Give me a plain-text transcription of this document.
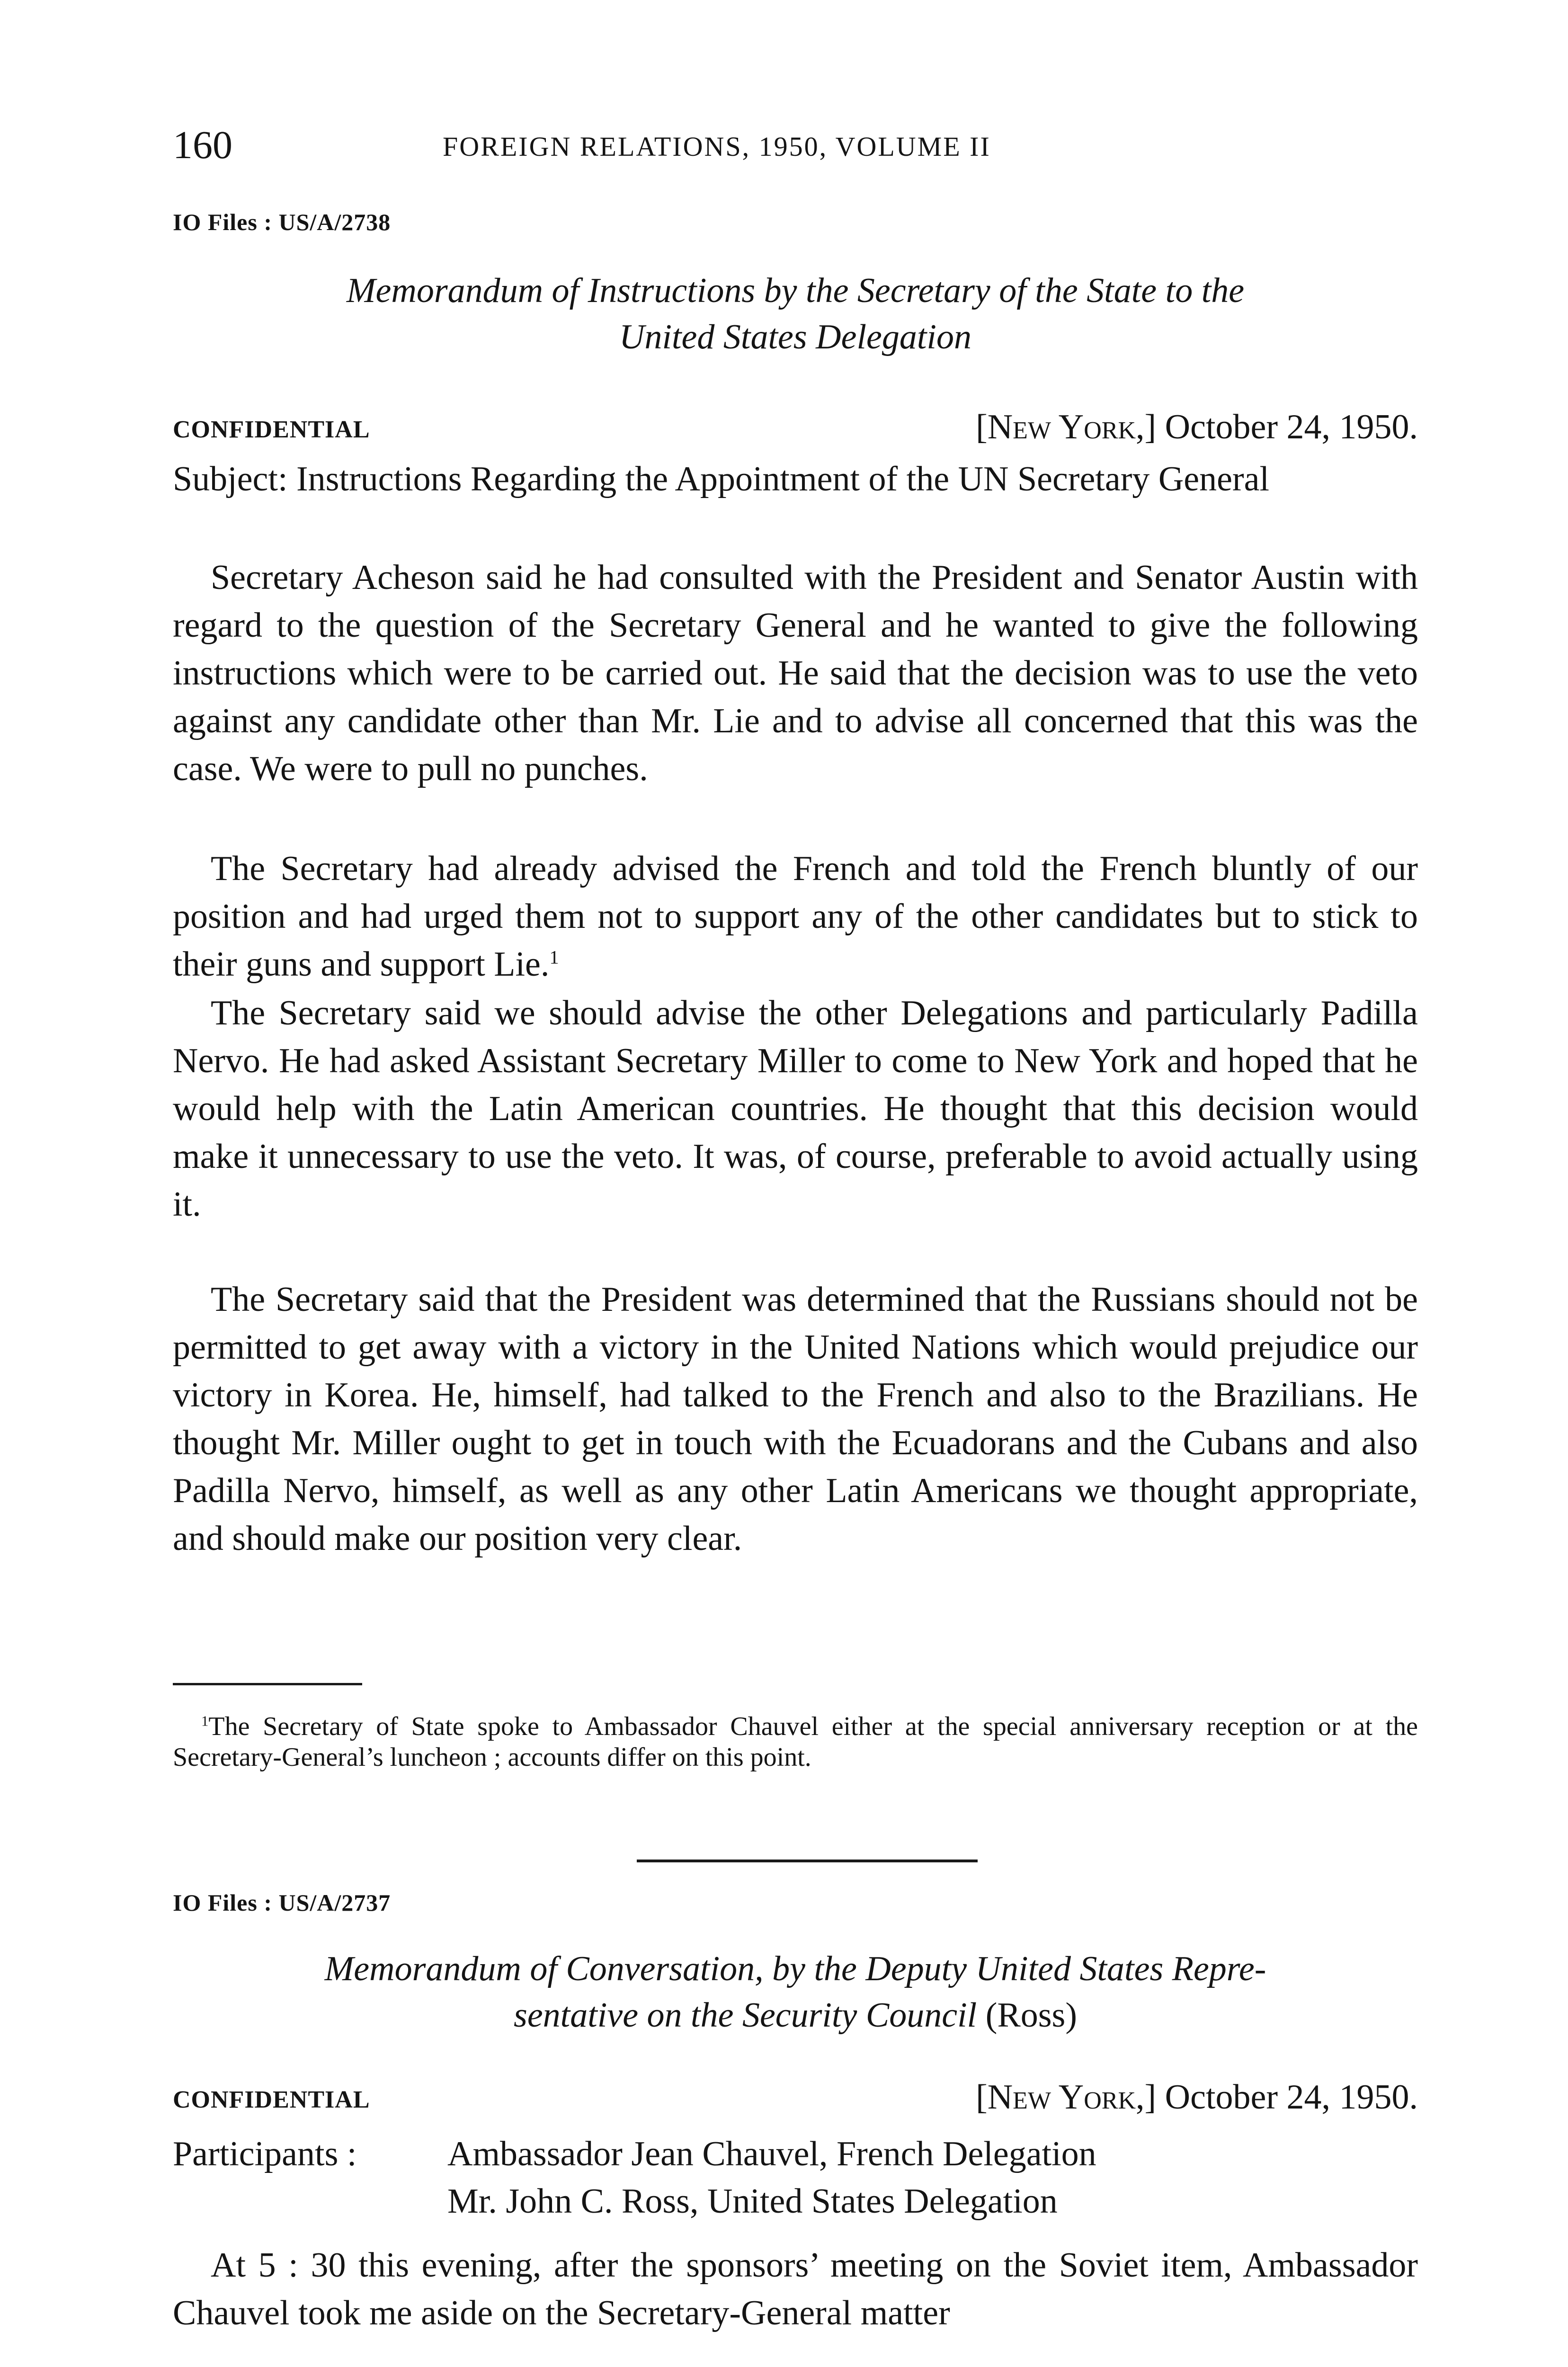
160	FOREIGN RELATIONS, 1950, VOLUME II
IO Files : US/A/2738
Memorandum of Instructions by the Secretary of the State to the
United States Delegation
CONFIDENTIAL	[New York,] October 24, 1950.
Subject: Instructions Regarding the Appointment of the UN Secretary General

Secretary Acheson said he had consulted with the President and Senator Austin with regard to the question of the Secretary General and he wanted to give the following instructions which were to be carried out. He said that the decision was to use the veto against any candidate other than Mr. Lie and to advise all concerned that this was the case. We were to pull no punches.

The Secretary had already advised the French and told the French bluntly of our position and had urged them not to support any of the other candidates but to stick to their guns and support Lie.$^1$

The Secretary said we should advise the other Delegations and particularly Padilla Nervo. He had asked Assistant Secretary Miller to come to New York and hoped that he would help with the Latin American countries. He thought that this decision would make it unnecessary to use the veto. It was, of course, preferable to avoid actually using it.

The Secretary said that the President was determined that the Russians should not be permitted to get away with a victory in the United Nations which would prejudice our victory in Korea. He, himself, had talked to the French and also to the Brazilians. He thought Mr. Miller ought to get in touch with the Ecuadorans and the Cubans and also Padilla Nervo, himself, as well as any other Latin Americans we thought appropriate, and should make our position very clear.

$^1$The Secretary of State spoke to Ambassador Chauvel either at the special anniversary reception or at the Secretary-General’s luncheon ; accounts differ on this point.

IO Files : US/A/2737
Memorandum of Conversation, by the Deputy United States Repre-
sentative on the Security Council (Ross)
CONFIDENTIAL	[New York,] October 24, 1950.
Participants :	Ambassador Jean Chauvel, French Delegation
Mr. John C. Ross, United States Delegation

At 5 : 30 this evening, after the sponsors’ meeting on the Soviet item, Ambassador Chauvel took me aside on the Secretary-General matter
